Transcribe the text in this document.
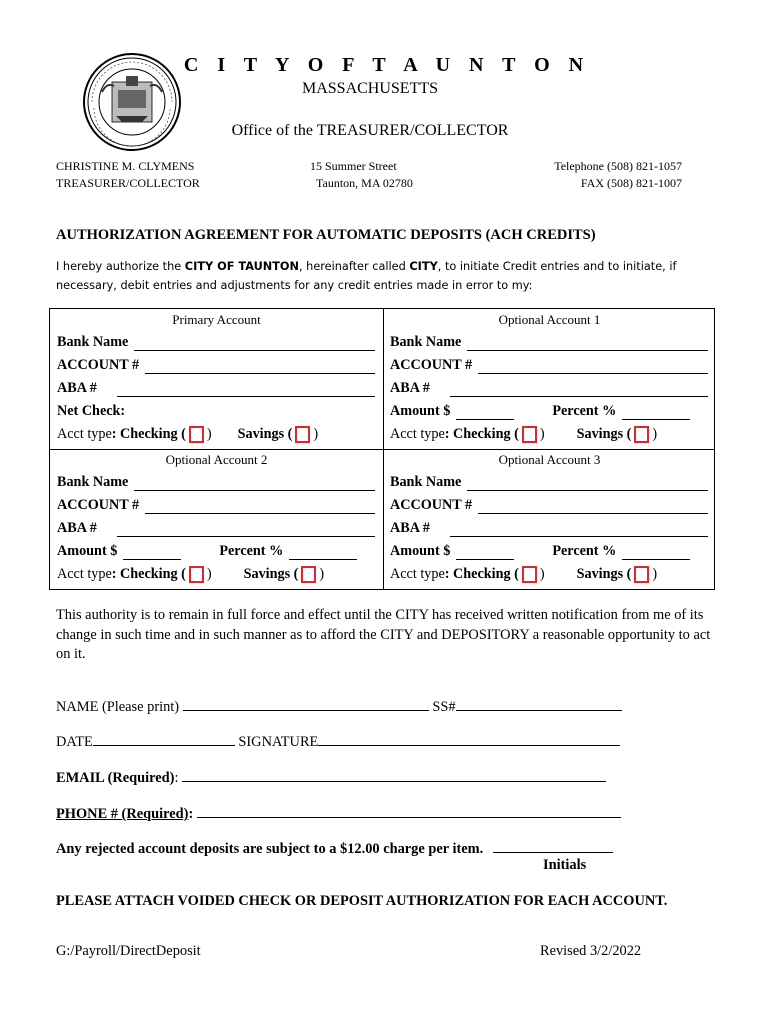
C I T Y O F T A U N T O N
MASSACHUSETTS
Office of the TREASURER/COLLECTOR
CHRISTINE M. CLYMENS
TREASURER/COLLECTOR
15 Summer Street
Taunton, MA 02780
Telephone (508) 821-1057
FAX (508) 821-1007
AUTHORIZATION AGREEMENT FOR AUTOMATIC DEPOSITS (ACH CREDITS)
I hereby authorize the CITY OF TAUNTON, hereinafter called CITY, to initiate Credit entries and to initiate, if necessary, debit entries and adjustments for any credit entries made in error to my:
Primary Account
Bank Name
ACCOUNT #
ABA #
Net Check:
Acct type : Checking ( ) Savings ( )
Optional Account 1
Bank Name
ACCOUNT #
ABA #
Amount $	Percent %
Acct type : Checking ( ) Savings ( )
Optional Account 2
Bank Name
ACCOUNT #
ABA #
Amount $	Percent %
Acct type : Checking ( ) Savings ( )
Optional Account 3
Bank Name
ACCOUNT #
ABA #
Amount $	Percent %
Acct type : Checking ( ) Savings ( )
This authority is to remain in full force and effect until the CITY has received written notification from me of its change in such time and in such manner as to afford the CITY and DEPOSITORY a reasonable opportunity to act on it.
NAME (Please print)	SS#
DATE	SIGNATURE
EMAIL (Required):
PHONE # (Required):
Any rejected account deposits are subject to a $12.00 charge per item.
Initials
PLEASE ATTACH VOIDED CHECK OR DEPOSIT AUTHORIZATION FOR EACH ACCOUNT.
G:/Payroll/DirectDeposit	Revised 3/2/2022
